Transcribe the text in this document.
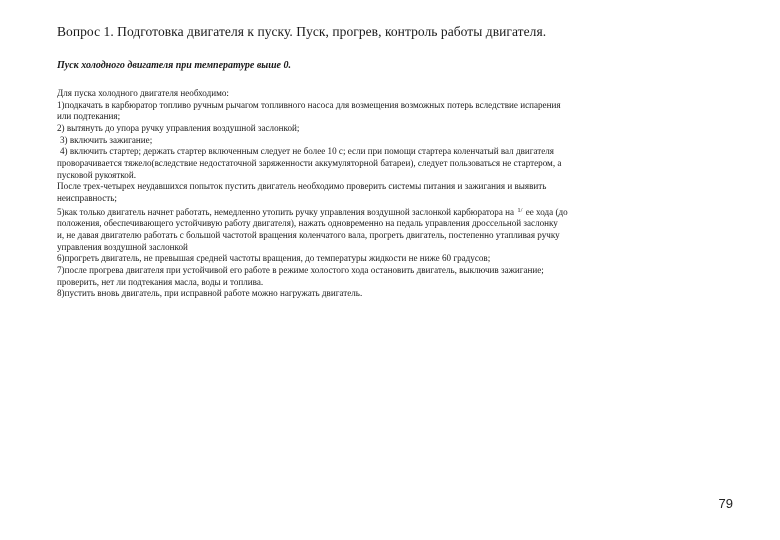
Вопрос 1. Подготовка двигателя к пуску. Пуск, прогрев, контроль работы двигателя.
Пуск холодного двигателя при температуре выше 0.

Для пуска холодного двигателя необходимо:

1)подкачать в карбюратор топливо ручным рычагом топливного насоса для возмещения возможных потерь вследствие испарения

или подтекания;

2) вытянуть до упора ручку управления воздушной заслонкой;

3) включить зажигание;

4) включить стартер; держать стартер включенным следует не более 10 с; если при помощи стартера коленчатый вал двигателя

проворачивается тяжело(вследствие недостаточной заряженности аккумуляторной батареи), следует пользоваться не стартером, а

пусковой рукояткой.

После трех-четырех неудавшихся попыток пустить двигатель необходимо проверить системы питания и зажигания и выявить

неисправность;

5)как только двигатель начнет работать, немедленно утопить ручку управления воздушной заслонкой карбюратора на $^{1/}$ ее хода (до

положения, обеспечивающего устойчивую работу двигателя), нажать одновременно на педаль управления дроссельной заслонку

и, не давая двигателю работать с большой частотой вращения коленчатого вала, прогреть двигатель, постепенно утапливая ручку

управления воздушной заслонкой

6)прогреть двигатель, не превышая средней частоты вращения, до температуры жидкости не ниже 60 градусов;

7)после прогрева двигателя при устойчивой его работе в режиме холостого хода остановить двигатель, выключив зажигание;

проверить, нет ли подтекания масла, воды и топлива.

8)пустить вновь двигатель, при исправной работе можно нагружать двигатель.

79
